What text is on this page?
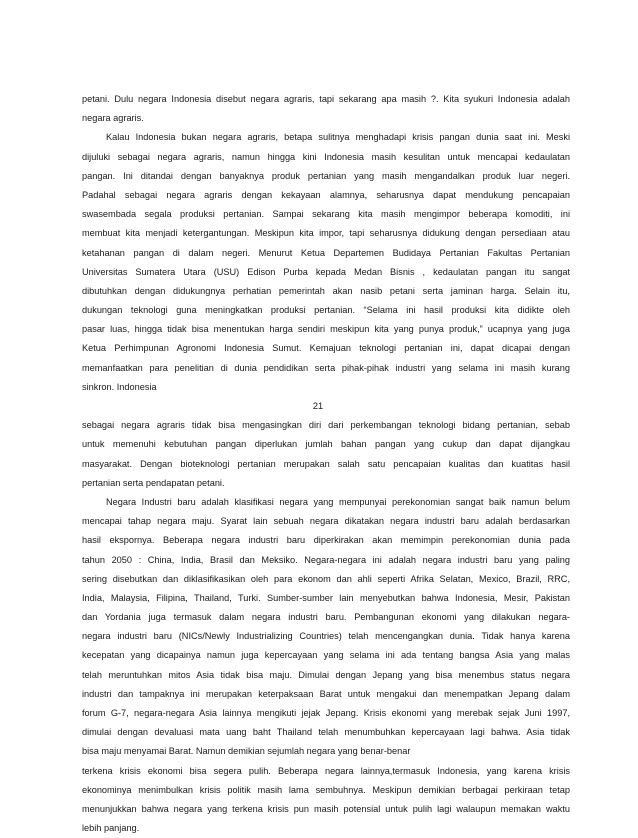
petani. Dulu negara Indonesia disebut negara agraris, tapi sekarang apa masih ?. Kita syukuri Indonesia adalah
negara agraris.
Kalau Indonesia bukan negara agraris, betapa sulitnya menghadapi krisis pangan dunia saat ini. Meski
dijuluki sebagai negara agraris, namun hingga kini Indonesia masih kesulitan untuk mencapai kedaulatan
pangan. Ini ditandai dengan banyaknya produk pertanian yang masih mengandalkan produk luar negeri.
Padahal sebagai negara agraris dengan kekayaan alamnya, seharusnya dapat mendukung pencapaian
swasembada segala produksi pertanian. Sampai sekarang kita masih mengimpor beberapa komoditi, ini
membuat kita menjadi ketergantungan. Meskipun kita impor, tapi seharusnya didukung dengan persediaan atau
ketahanan pangan di dalam negeri. Menurut Ketua Departemen Budidaya Pertanian Fakultas Pertanian
Universitas Sumatera Utara (USU) Edison Purba kepada Medan Bisnis , kedaulatan pangan itu sangat
dibutuhkan dengan didukungnya perhatian pemerintah akan nasib petani serta jaminan harga. Selain itu,
dukungan teknologi guna meningkatkan produksi pertanian. “Selama ini hasil produksi kita didikte oleh
pasar luas, hingga tidak bisa menentukan harga sendiri meskipun kita yang punya produk,” ucapnya yang juga
Ketua Perhimpunan Agronomi Indonesia Sumut. Kemajuan teknologi pertanian ini, dapat dicapai dengan
memanfaatkan para penelitian di dunia pendidikan serta pihak-pihak industri yang selama ini masih kurang
sinkron. Indonesia
21
sebagai negara agraris tidak bisa mengasingkan diri dari perkembangan teknologi bidang pertanian, sebab
untuk memenuhi kebutuhan pangan diperlukan jumlah bahan pangan yang cukup dan dapat dijangkau
masyarakat. Dengan bioteknologi pertanian merupakan salah satu pencapaian kualitas dan kuatitas hasil
pertanian serta pendapatan petani.
Negara Industri baru adalah klasifikasi negara yang mempunyai perekonomian sangat baik namun belum
mencapai tahap negara maju. Syarat lain sebuah negara dikatakan negara industri baru adalah berdasarkan
hasil ekspornya. Beberapa negara industri baru diperkirakan akan memimpin perekonomian dunia pada
tahun 2050 : China, India, Brasil dan Meksiko. Negara-negara ini adalah negara industri baru yang paling
sering disebutkan dan diklasifikasikan oleh para ekonom dan ahli seperti Afrika Selatan, Mexico, Brazil, RRC,
India, Malaysia, Filipina, Thailand, Turki. Sumber-sumber lain menyebutkan bahwa Indonesia, Mesir, Pakistan
dan Yordania juga termasuk dalam negara industri baru. Pembangunan ekonomi yang dilakukan negara-
negara industri baru (NICs/Newly Industrializing Countries) telah mencengangkan dunia. Tidak hanya karena
kecepatan yang dicapainya namun juga kepercayaan yang selama ini ada tentang bangsa Asia yang malas
telah meruntuhkan mitos Asia tidak bisa maju. Dimulai dengan Jepang yang bisa menembus status negara
industri dan tampaknya ini merupakan keterpaksaan Barat untuk mengakui dan menempatkan Jepang dalam
forum G-7, negara-negara Asia lainnya mengikuti jejak Jepang. Krisis ekonomi yang merebak sejak Juni 1997,
dimulai dengan devaluasi mata uang baht Thailand telah menumbuhkan kepercayaan lagi bahwa. Asia tidak
bisa maju menyamai Barat. Namun demikian sejumlah negara yang benar-benar
terkena krisis ekonomi bisa segera pulih. Beberapa negara lainnya,termasuk Indonesia, yang karena krisis
ekonominya menimbulkan krisis politik masih lama sembuhnya. Meskipun demikian berbagai perkiraan tetap
menunjukkan bahwa negara yang terkena krisis pun masih potensial untuk pulih lagi walaupun memakan waktu
lebih panjang.
